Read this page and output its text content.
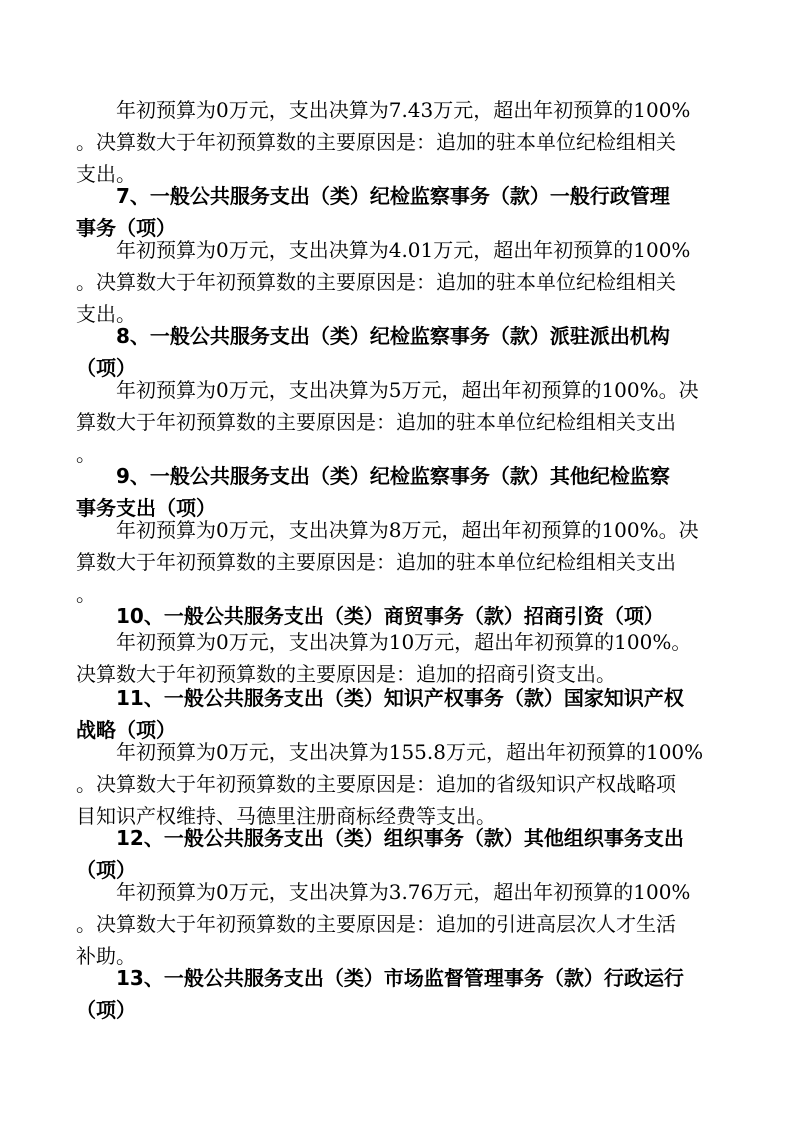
　　年初预算为0万元，支出决算为7.43万元，超出年初预算的100%
。决算数大于年初预算数的主要原因是：追加的驻本单位纪检组相关
支出。

　　7、一般公共服务支出（类）纪检监察事务（款）一般行政管理
事务（项）

　　年初预算为0万元，支出决算为4.01万元，超出年初预算的100%
。决算数大于年初预算数的主要原因是：追加的驻本单位纪检组相关
支出。

　　8、一般公共服务支出（类）纪检监察事务（款）派驻派出机构
（项）

　　年初预算为0万元，支出决算为5万元，超出年初预算的100%。决
算数大于年初预算数的主要原因是：追加的驻本单位纪检组相关支出
。

　　9、一般公共服务支出（类）纪检监察事务（款）其他纪检监察
事务支出（项）

　　年初预算为0万元，支出决算为8万元，超出年初预算的100%。决
算数大于年初预算数的主要原因是：追加的驻本单位纪检组相关支出
。

　　10、一般公共服务支出（类）商贸事务（款）招商引资（项）

　　年初预算为0万元，支出决算为10万元，超出年初预算的100%。
决算数大于年初预算数的主要原因是：追加的招商引资支出。

　　11、一般公共服务支出（类）知识产权事务（款）国家知识产权
战略（项）

　　年初预算为0万元，支出决算为155.8万元，超出年初预算的100%
。决算数大于年初预算数的主要原因是：追加的省级知识产权战略项
目知识产权维持、马德里注册商标经费等支出。

　　12、一般公共服务支出（类）组织事务（款）其他组织事务支出
（项）

　　年初预算为0万元，支出决算为3.76万元，超出年初预算的100%
。决算数大于年初预算数的主要原因是：追加的引进高层次人才生活
补助。

　　13、一般公共服务支出（类）市场监督管理事务（款）行政运行
（项）
